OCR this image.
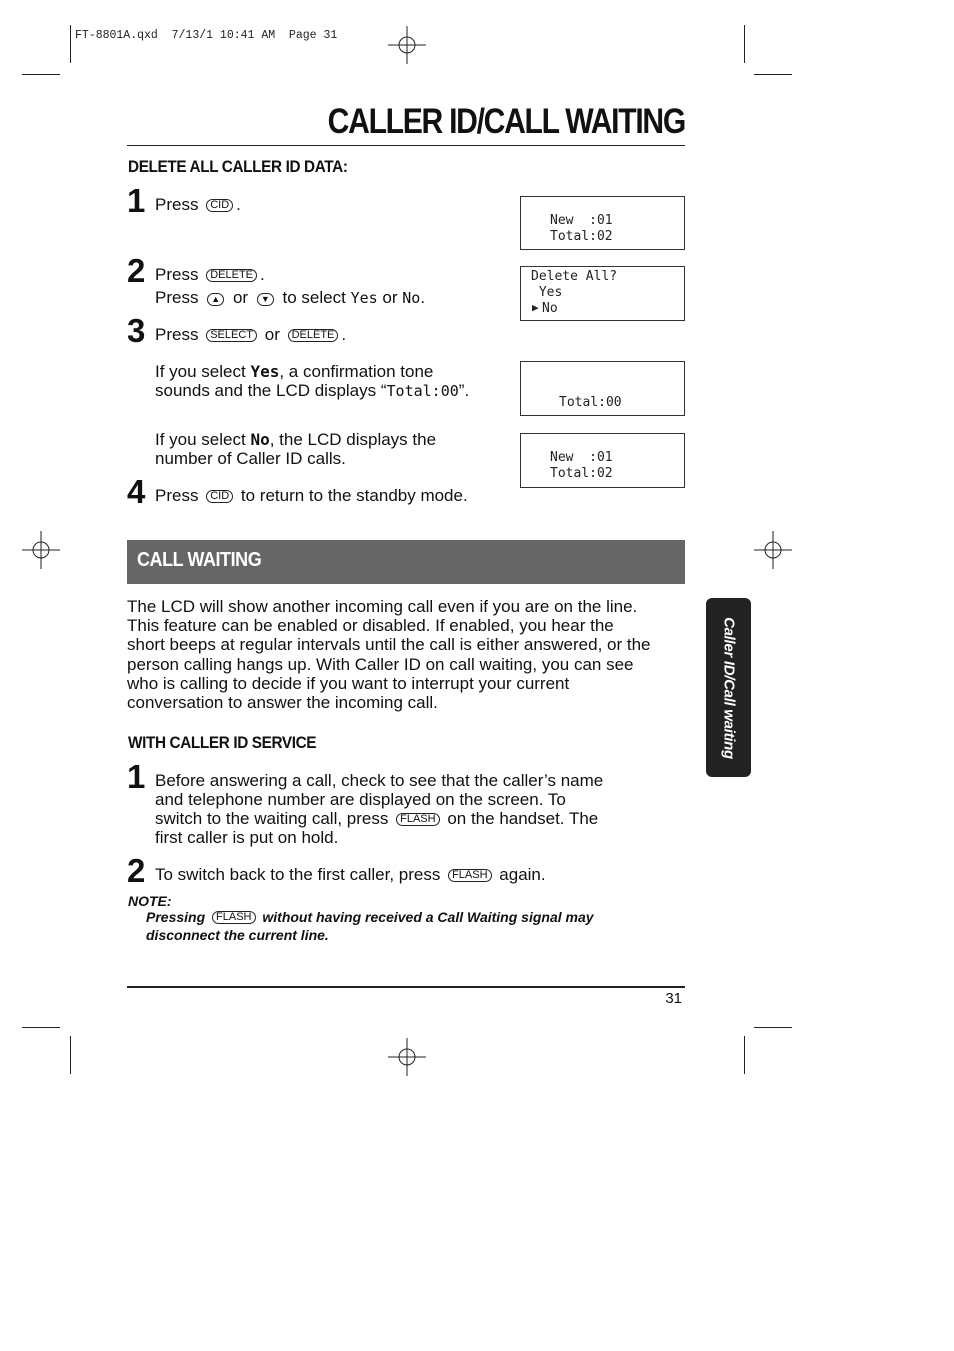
FT-8801A.qxd  7/13/1 10:41 AM  Page 31
CALLER ID/CALL WAITING
DELETE ALL CALLER ID DATA:
1 Press CID .
2 Press DELETE .
Press ▲ or ▼ to select Yes or No.
3 Press SELECT or DELETE .
If you select Yes, a confirmation tone
sounds and the LCD displays “Total:00”.
If you select No, the LCD displays the
number of Caller ID calls.
4 Press CID to return to the standby mode.
New  :01
Total:02
Delete All?
Yes
▶ No
Total:00
New  :01
Total:02
CALL WAITING
The LCD will show another incoming call even if you are on the line.
This feature can be enabled or disabled. If enabled, you hear the
short beeps at regular intervals until the call is either answered, or the
person calling hangs up. With Caller ID on call waiting, you can see
who is calling to decide if you want to interrupt your current
conversation to answer the incoming call.
WITH CALLER ID SERVICE
1 Before answering a call, check to see that the caller’s name
and telephone number are displayed on the screen. To
switch to the waiting call, press FLASH on the handset. The
first caller is put on hold.
2 To switch back to the first caller, press FLASH again.
NOTE:
Pressing FLASH without having received a Call Waiting signal may
disconnect the current line.
Caller ID/Call waiting
31
